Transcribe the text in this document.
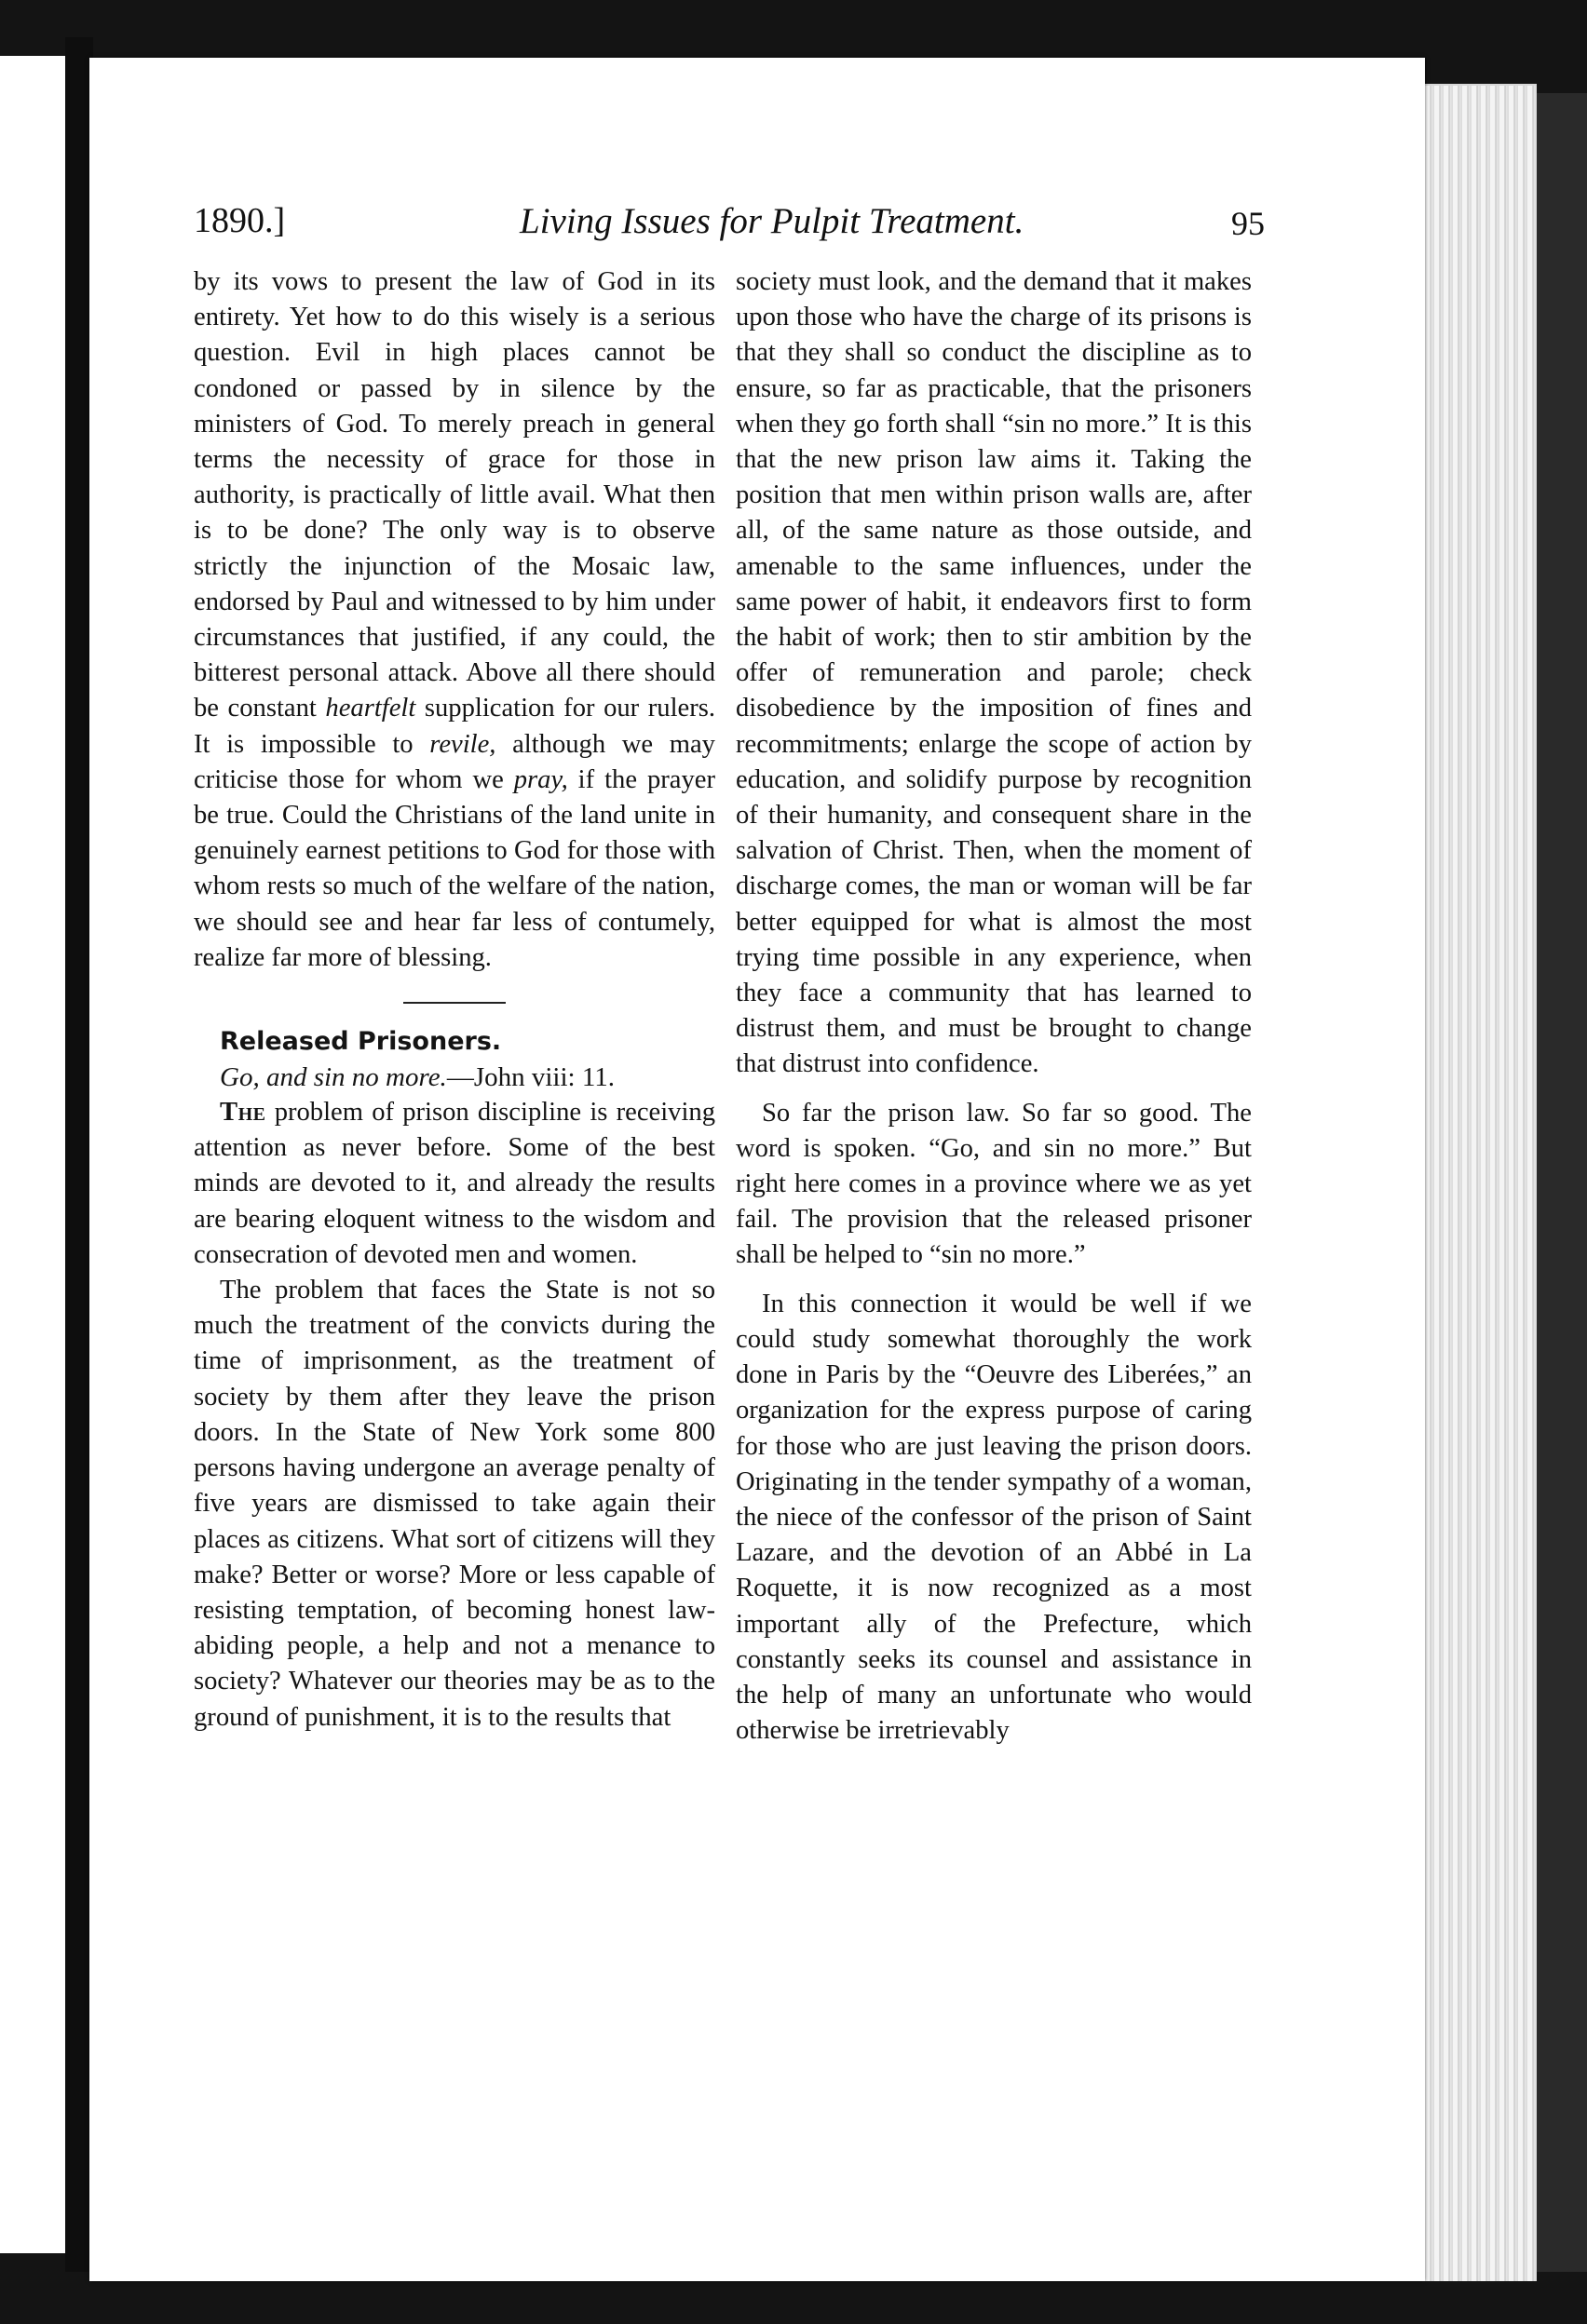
1890.]	Living Issues for Pulpit Treatment.	95

by its vows to present the law of God in its entirety. Yet how to do this wisely is a serious question. Evil in high places cannot be condoned or passed by in silence by the ministers of God. To merely preach in general terms the necessity of grace for those in authority, is practically of little avail. What then is to be done? The only way is to observe strictly the injunction of the Mosaic law, endorsed by Paul and witnessed to by him under circumstances that justified, if any could, the bitterest personal attack. Above all there should be constant heartfelt supplication for our rulers. It is impossible to revile, although we may criticise those for whom we pray, if the prayer be true. Could the Christians of the land unite in genuinely earnest petitions to God for those with whom rests so much of the welfare of the nation, we should see and hear far less of contumely, realize far more of blessing.

Released Prisoners.

Go, and sin no more.—John viii: 11.

The problem of prison discipline is receiving attention as never before. Some of the best minds are devoted to it, and already the results are bearing eloquent witness to the wisdom and consecration of devoted men and women.

The problem that faces the State is not so much the treatment of the convicts during the time of imprisonment, as the treatment of society by them after they leave the prison doors. In the State of New York some 800 persons having undergone an average penalty of five years are dismissed to take again their places as citizens. What sort of citizens will they make? Better or worse? More or less capable of resisting temptation, of becoming honest law-abiding people, a help and not a menance to society? Whatever our theories may be as to the ground of punishment, it is to the results that

society must look, and the demand that it makes upon those who have the charge of its prisons is that they shall so conduct the discipline as to ensure, so far as practicable, that the prisoners when they go forth shall “sin no more.” It is this that the new prison law aims it. Taking the position that men within prison walls are, after all, of the same nature as those outside, and amenable to the same influences, under the same power of habit, it endeavors first to form the habit of work; then to stir ambition by the offer of remuneration and parole; check disobedience by the imposition of fines and recommitments; enlarge the scope of action by education, and solidify purpose by recognition of their humanity, and consequent share in the salvation of Christ. Then, when the moment of discharge comes, the man or woman will be far better equipped for what is almost the most trying time possible in any experience, when they face a community that has learned to distrust them, and must be brought to change that distrust into confidence.

So far the prison law. So far so good. The word is spoken. “Go, and sin no more.” But right here comes in a province where we as yet fail. The provision that the released prisoner shall be helped to “sin no more.”

In this connection it would be well if we could study somewhat thoroughly the work done in Paris by the “Oeuvre des Liberées,” an organization for the express purpose of caring for those who are just leaving the prison doors. Originating in the tender sympathy of a woman, the niece of the confessor of the prison of Saint Lazare, and the devotion of an Abbé in La Roquette, it is now recognized as a most important ally of the Prefecture, which constantly seeks its counsel and assistance in the help of many an unfortunate who would otherwise be irretrievably
